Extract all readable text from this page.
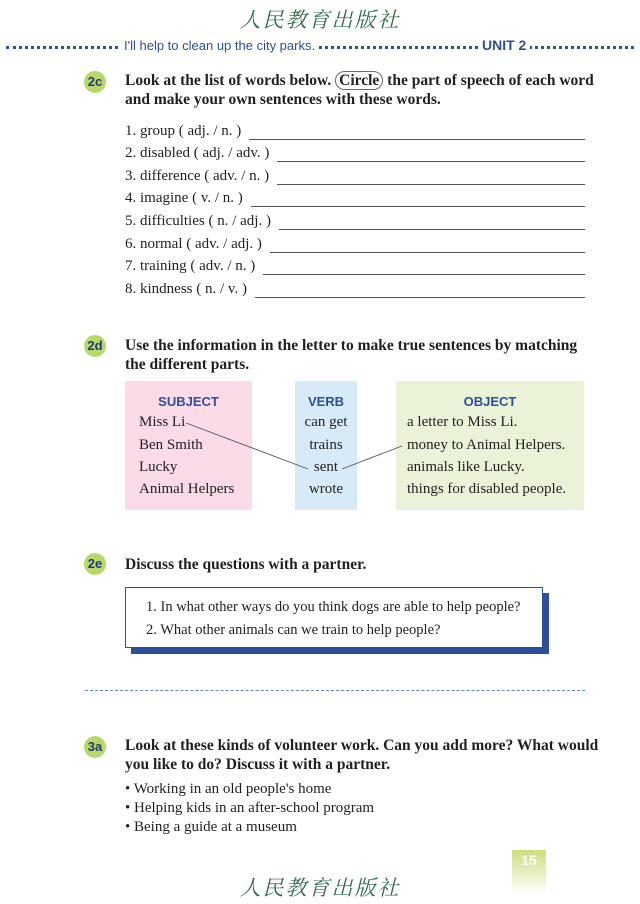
人民教育出版社
I'll help to clean up the city parks.	UNIT 2
2c Look at the list of words below. Circle the part of speech of each word
and make your own sentences with these words.
1. group ( adj. / n. )
2. disabled ( adj. / adv. )
3. difference ( adv. / n. )
4. imagine ( v. / n. )
5. difficulties ( n. / adj. )
6. normal ( adv. / adj. )
7. training ( adv. / n. )
8. kindness ( n. / v. )
2d Use the information in the letter to make true sentences by matching
the different parts.
SUBJECT
Miss Li
Ben Smith
Lucky
Animal Helpers
VERB
can get
trains
sent
wrote
OBJECT
a letter to Miss Li.
money to Animal Helpers.
animals like Lucky.
things for disabled people.
2e Discuss the questions with a partner.
1. In what other ways do you think dogs are able to help people?
2. What other animals can we train to help people?
3a Look at these kinds of volunteer work. Can you add more? What would
you like to do? Discuss it with a partner.
• Working in an old people's home
• Helping kids in an after-school program
• Being a guide at a museum
人民教育出版社
15
